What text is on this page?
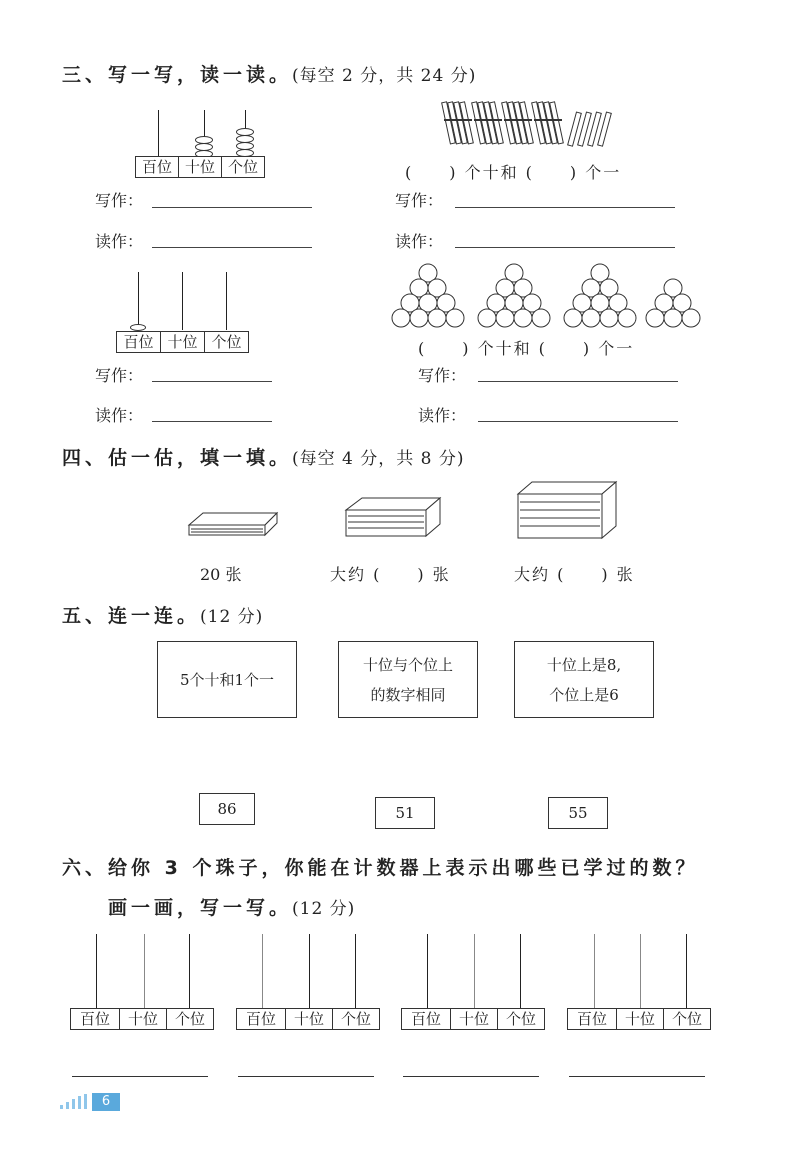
三、写一写，读一读。(每空 2 分，共 24 分)
百位 十位 个位
写作：
读作：
(　　) 个十和 (　　) 个一
写作：
读作：
百位 十位 个位
写作：
读作：
(　　) 个十和 (　　) 个一
写作：
读作：
四、估一估，填一填。(每空 4 分，共 8 分)
20 张	大约 (　　) 张	大约 (　　) 张
五、连一连。(12 分)
5个十和1个一
十位与个位上
的数字相同
十位上是8,
个位上是6
86	51	55
六、给你 3 个珠子，你能在计数器上表示出哪些已学过的数？
画一画，写一写。(12 分)
百位	十位	个位	百位	十位	个位	百位	十位	个位	百位	十位	个位
6
